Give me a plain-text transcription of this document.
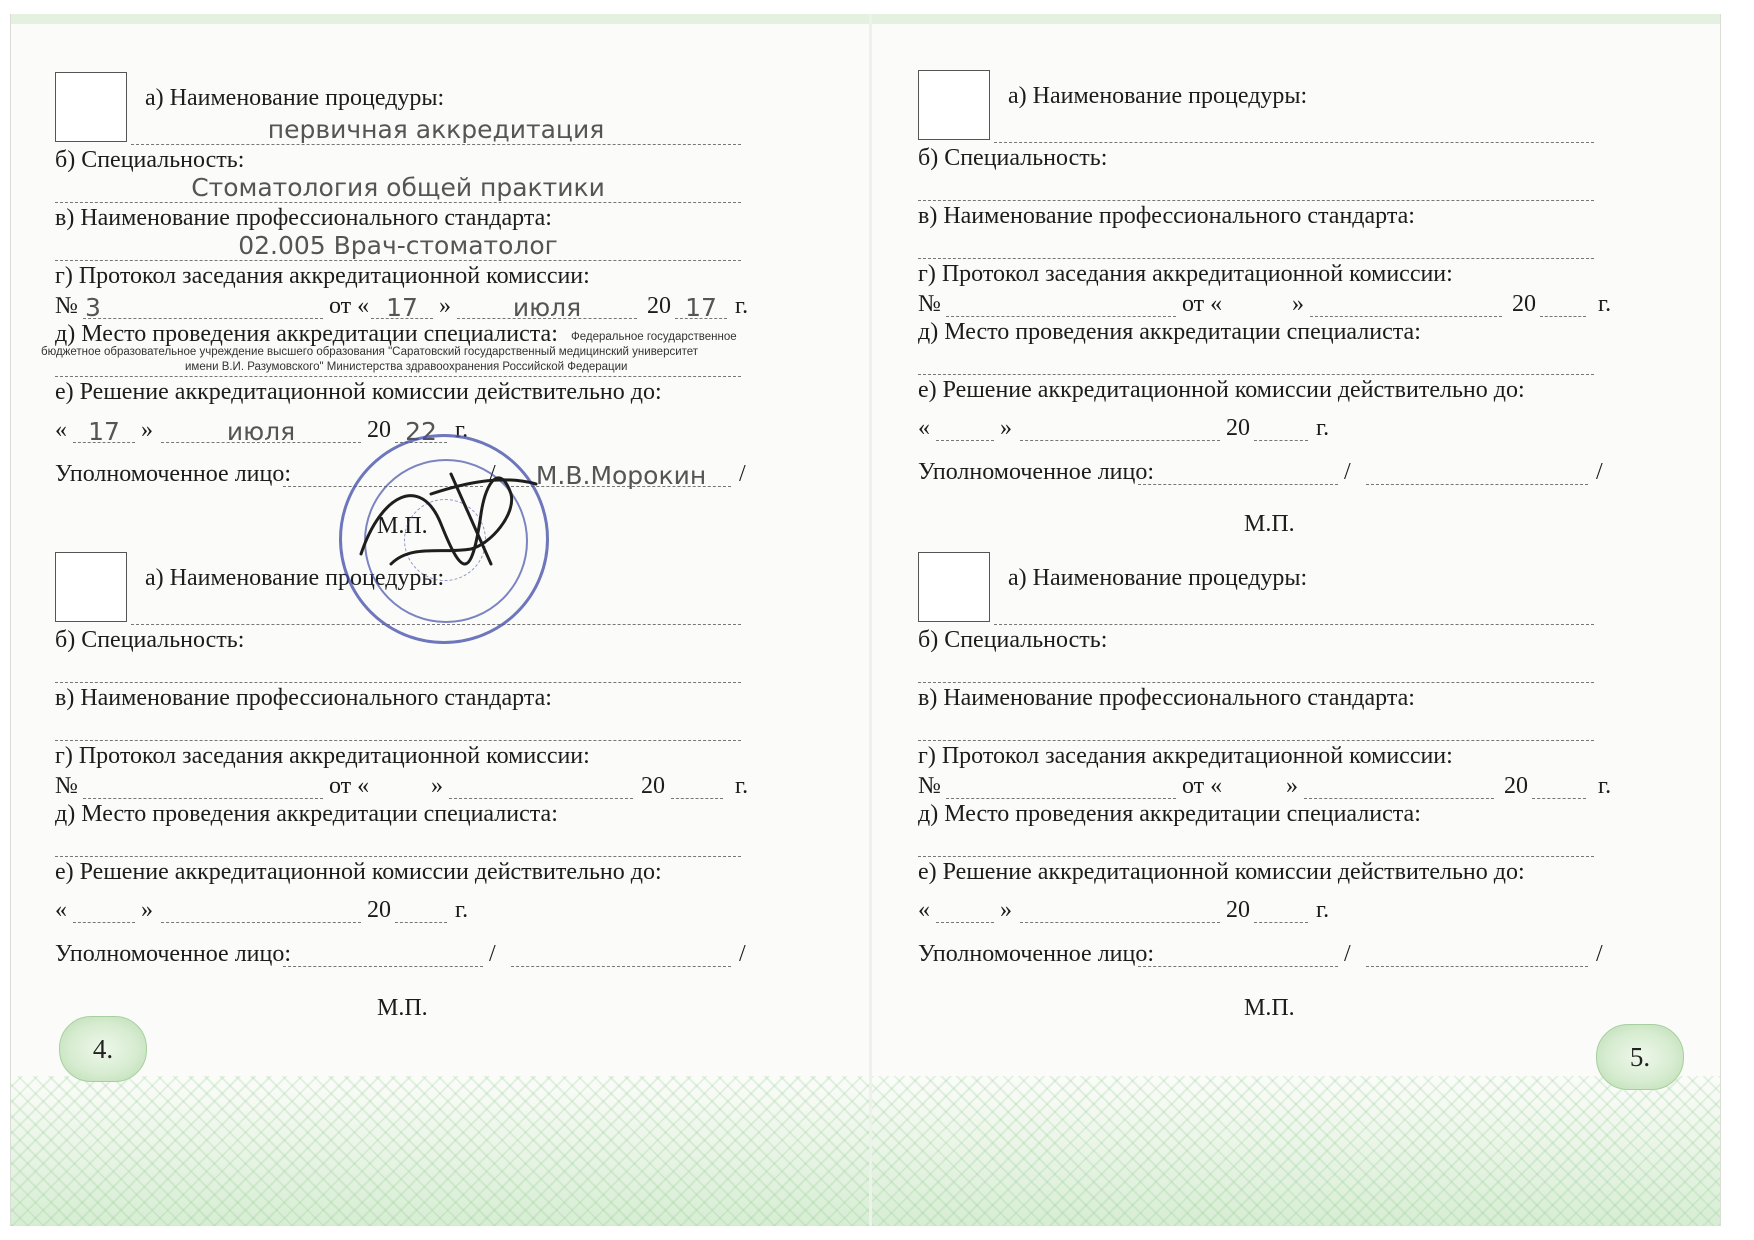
а) Наименование процедуры:
первичная аккредитация
б) Специальность:
Стоматология общей практики
в) Наименование профессионального стандарта:
02.005 Врач-стоматолог
г) Протокол заседания аккредитационной комиссии:
№ 3	от « 17 »	июля	20 17 г.
д) Место проведения аккредитации специалиста: Федеральное государственное
бюджетное образовательное учреждение высшего образования "Саратовский государственный медицинский университет
имени В.И. Разумовского" Министерства здравоохранения Российской Федерации
е) Решение аккредитационной комиссии действительно до:
« 17 »	июля	20 22 г.
Уполномоченное лицо:	/	М.В.Морокин	/
М.П.
а) Наименование процедуры:
б) Специальность:
в) Наименование профессионального стандарта:
г) Протокол заседания аккредитационной комиссии:
№	от «	»	20	г.
д) Место проведения аккредитации специалиста:
е) Решение аккредитационной комиссии действительно до:
«	»	20	г.
Уполномоченное лицо:	/	/
М.П.
4.
а) Наименование процедуры:
б) Специальность:
в) Наименование профессионального стандарта:
г) Протокол заседания аккредитационной комиссии:
№	от «	»	20	г.
д) Место проведения аккредитации специалиста:
е) Решение аккредитационной комиссии действительно до:
«	»	20	г.
Уполномоченное лицо:	/	/
М.П.
а) Наименование процедуры:
б) Специальность:
в) Наименование профессионального стандарта:
г) Протокол заседания аккредитационной комиссии:
№	от «	»	20	г.
д) Место проведения аккредитации специалиста:
е) Решение аккредитационной комиссии действительно до:
«	»	20	г.
Уполномоченное лицо:	/	/
М.П.
5.
